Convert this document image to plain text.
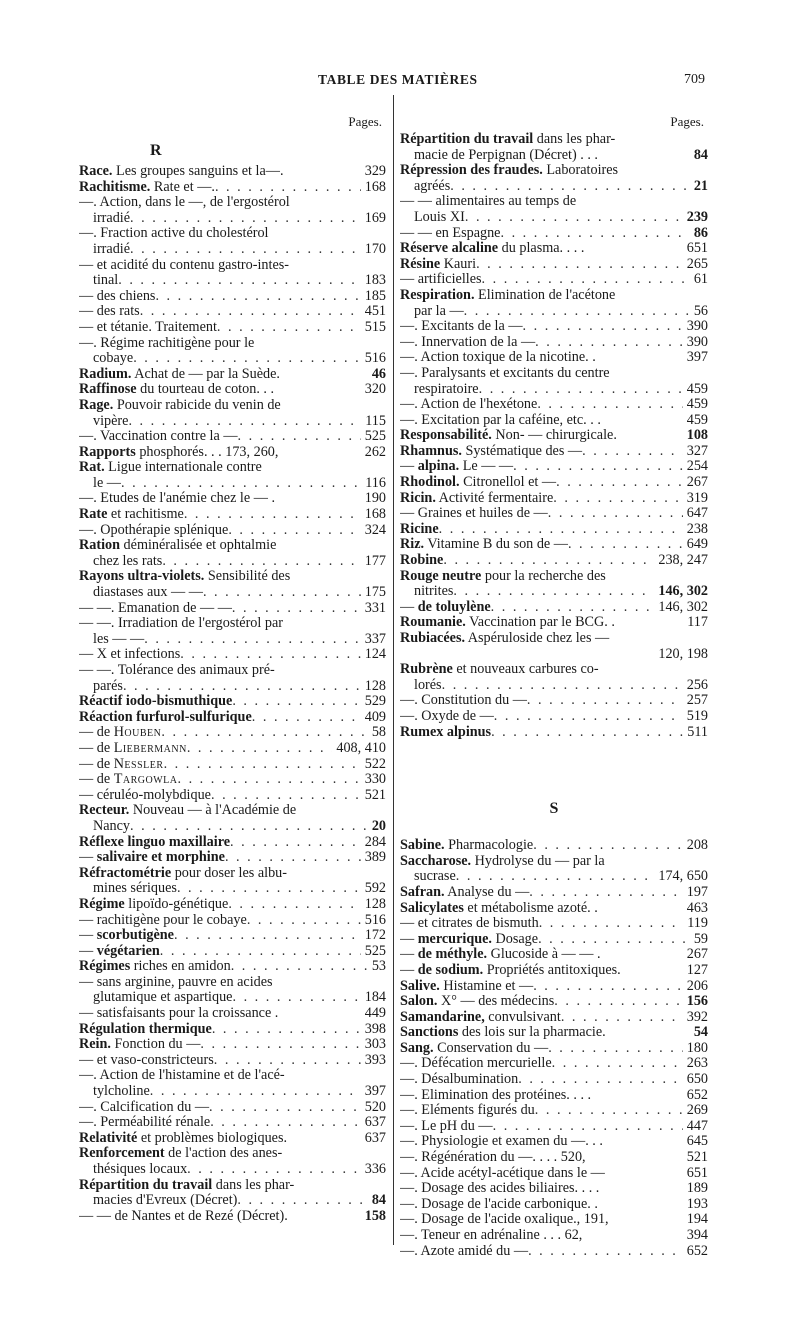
TABLE DES MATIÈRES	709
Pages.
R
Race. Les groupes sanguins et la—.	329
Rachitisme. Rate et —. . . .	168
—. Action, dans le —, de l'ergostérol
irradié . . .	169
—. Fraction active du cholestérol
irradié . . .	170
— et acidité du contenu gastro-intes-
tinal . . .	183
— des chiens . . .	185
— des rats . . .	451
— et tétanie. Traitement . . .	515
—. Régime rachitigène pour le
cobaye . . .	516
Radium. Achat de — par la Suède.	46
Raffinose du tourteau de coton. . .	320
Rage. Pouvoir rabicide du venin de
vipère . . .	115
—. Vaccination contre la — . . .	525
Rapports phosphorés. . . 173, 260,	262
Rat. Ligue internationale contre
le — . . .	116
—. Etudes de l'anémie chez le — .	190
Rate et rachitisme . . .	168
—. Opothérapie splénique . . .	324
Ration déminéralisée et ophtalmie
chez les rats . . .	177
Rayons ultra-violets. Sensibilité des
diastases aux — — . . .	175
— —. Emanation de — — . . .	331
— —. Irradiation de l'ergostérol par
les — — . . .	337
— X et infections . . .	124
— —. Tolérance des animaux pré-
parés . . .	128
Réactif iodo-bismuthique . . .	529
Réaction furfurol-sulfurique . . .	409
— de Houben . . .	58
— de Liebermann . . .	408, 410
— de Nessler . . .	522
— de Targowla . . .	330
— céruléo-molybdique . . .	521
Recteur. Nouveau — à l'Académie de
Nancy . . .	20
Réflexe linguo maxillaire . . .	284
— salivaire et morphine . . .	389
Réfractométrie pour doser les albu-
mines sériques . . .	592
Régime lipoïdo-génétique . . .	128
— rachitigène pour le cobaye . . .	516
— scorbutigène . . .	172
— végétarien . . .	525
Régimes riches en amidon . . .	53
— sans arginine, pauvre en acides
glutamique et aspartique . . .	184
— satisfaisants pour la croissance .	449
Régulation thermique . . .	398
Rein. Fonction du — . . .	303
— et vaso-constricteurs . . .	393
—. Action de l'histamine et de l'acé-
tylcholine . . .	397
—. Calcification du — . . .	520
—. Perméabilité rénale . . .	637
Relativité et problèmes biologiques.	637
Renforcement de l'action des anes-
thésiques locaux . . .	336
Répartition du travail dans les phar-
macies d'Evreux (Décret) . . .	84
— — de Nantes et de Rezé (Décret).	158
Pages.
Répartition du travail dans les phar-
macie de Perpignan (Décret) . . .	84
Répression des fraudes. Laboratoires
agréés . . .	21
— — alimentaires au temps de
Louis XI . . .	239
— — en Espagne . . .	86
Réserve alcaline du plasma. . . .	651
Résine Kauri . . .	265
— artificielles . . .	61
Respiration. Elimination de l'acétone
par la — . . .	56
—. Excitants de la — . . .	390
—. Innervation de la — . . .	390
—. Action toxique de la nicotine. .	397
—. Paralysants et excitants du centre
respiratoire . . .	459
—. Action de l'hexétone . . .	459
—. Excitation par la caféine, etc. . .	459
Responsabilité. Non- — chirurgicale.	108
Rhamnus. Systématique des — . . .	327
— alpina. Le — — . . .	254
Rhodinol. Citronellol et — . . .	267
Ricin. Activité fermentaire . . .	319
— Graines et huiles de — . . .	647
Ricine . . .	238
Riz. Vitamine B du son de — . . .	649
Robine . . .	238, 247
Rouge neutre pour la recherche des
nitrites . . .	146, 302
— de toluylène . . .	146, 302
Roumanie. Vaccination par le BCG. .	117
Rubiacées. Aspéruloside chez les —
120, 198
Rubrène et nouveaux carbures co-
lorés . . .	256
—. Constitution du — . . .	257
—. Oxyde de — . . .	519
Rumex alpinus . . .	511
S
Sabine. Pharmacologie . . .	208
Saccharose. Hydrolyse du — par la
sucrase . . .	174, 650
Safran. Analyse du — . . .	197
Salicylates et métabolisme azoté. .	463
— et citrates de bismuth . . .	119
— mercurique. Dosage . . .	59
— de méthyle. Glucoside à — — .	267
— de sodium. Propriétés antitoxiques.	127
Salive. Histamine et — . . .	206
Salon. X° — des médecins . . .	156
Samandarine, convulsivant . . .	392
Sanctions des lois sur la pharmacie.	54
Sang. Conservation du — . . .	180
—. Défécation mercurielle . . .	263
—. Désalbumination . . .	650
—. Elimination des protéines. . . .	652
—. Eléments figurés du . . .	269
—. Le pH du — . . .	447
—. Physiologie et examen du —. . .	645
—. Régénération du —. . . . 520,	521
—. Acide acétyl-acétique dans le —	651
—. Dosage des acides biliaires. . . .	189
—. Dosage de l'acide carbonique. .	193
—. Dosage de l'acide oxalique., 191,	194
—. Teneur en adrénaline . . . 62,	394
—. Azote amidé du — . . .	652
